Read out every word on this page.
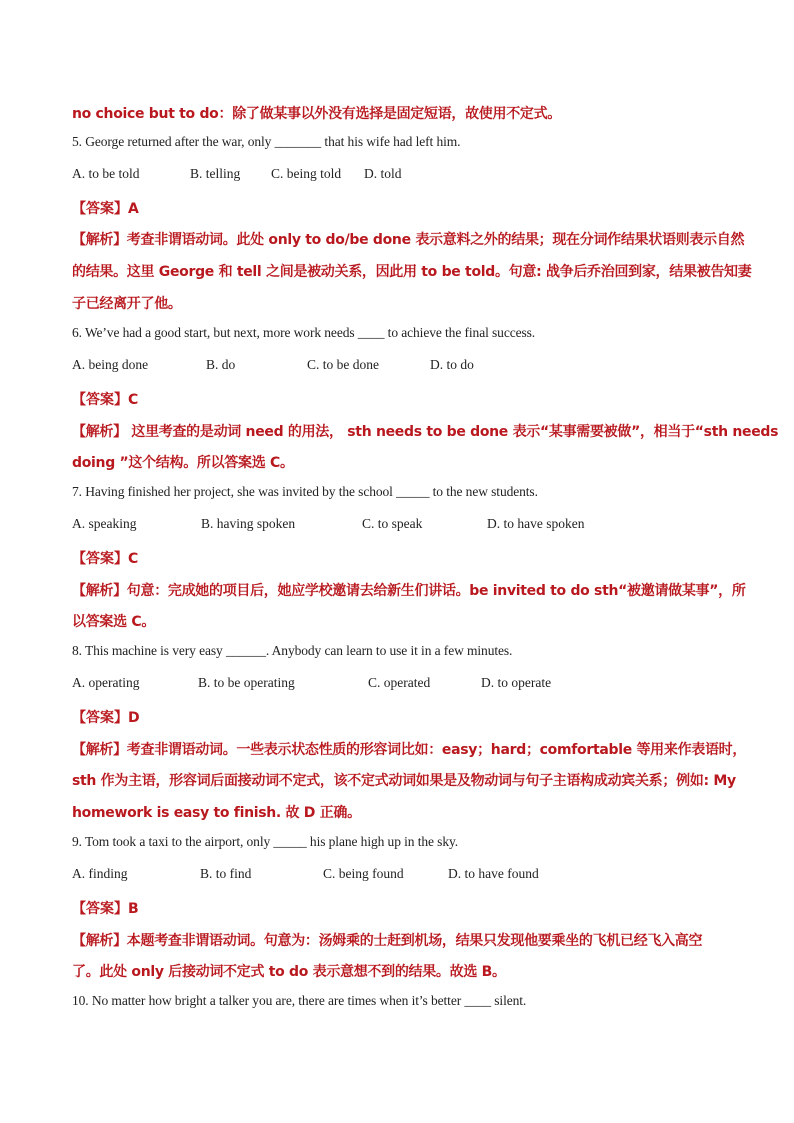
no choice but to do：除了做某事以外没有选择是固定短语，故使用不定式。
5. George returned after the war, only _______ that his wife had left him.
A. to be told	B. telling C. being told D. told
【答案】A
【解析】考查非谓语动词。此处 only to do/be done 表示意料之外的结果；现在分词作结果状语则表示自然
的结果。这里 George 和 tell 之间是被动关系，因此用 to be told。句意: 战争后乔治回到家，结果被告知妻
子已经离开了他。
6. We’ve had a good start, but next, more work needs ____ to achieve the final success.
A. being done	B. do	C. to be done	D. to do
【答案】C
【解析】 这里考查的是动词 need 的用法， sth needs to be done 表示“某事需要被做”，相当于“sth needs
doing ”这个结构。所以答案选 C。
7. Having finished her project, she was invited by the school _____ to the new students.
A. speaking	B. having spoken	C. to speak	D. to have spoken
【答案】C
【解析】句意：完成她的项目后，她应学校邀请去给新生们讲话。be invited to do sth“被邀请做某事”，所
以答案选 C。
8. This machine is very easy ______. Anybody can learn to use it in a few minutes.
A. operating	B. to be operating	C. operated	D. to operate
【答案】D
【解析】考查非谓语动词。一些表示状态性质的形容词比如：easy；hard；comfortable 等用来作表语时，
sth 作为主语，形容词后面接动词不定式，该不定式动词如果是及物动词与句子主语构成动宾关系；例如: My
homework is easy to finish. 故 D 正确。
9. Tom took a taxi to the airport, only _____ his plane high up in the sky.
A. finding	B. to find	C. being found	D. to have found
【答案】B
【解析】本题考查非谓语动词。句意为：汤姆乘的士赶到机场，结果只发现他要乘坐的飞机已经飞入高空
了。此处 only 后接动词不定式 to do 表示意想不到的结果。故选 B。
10. No matter how bright a talker you are, there are times when it’s better ____ silent.
